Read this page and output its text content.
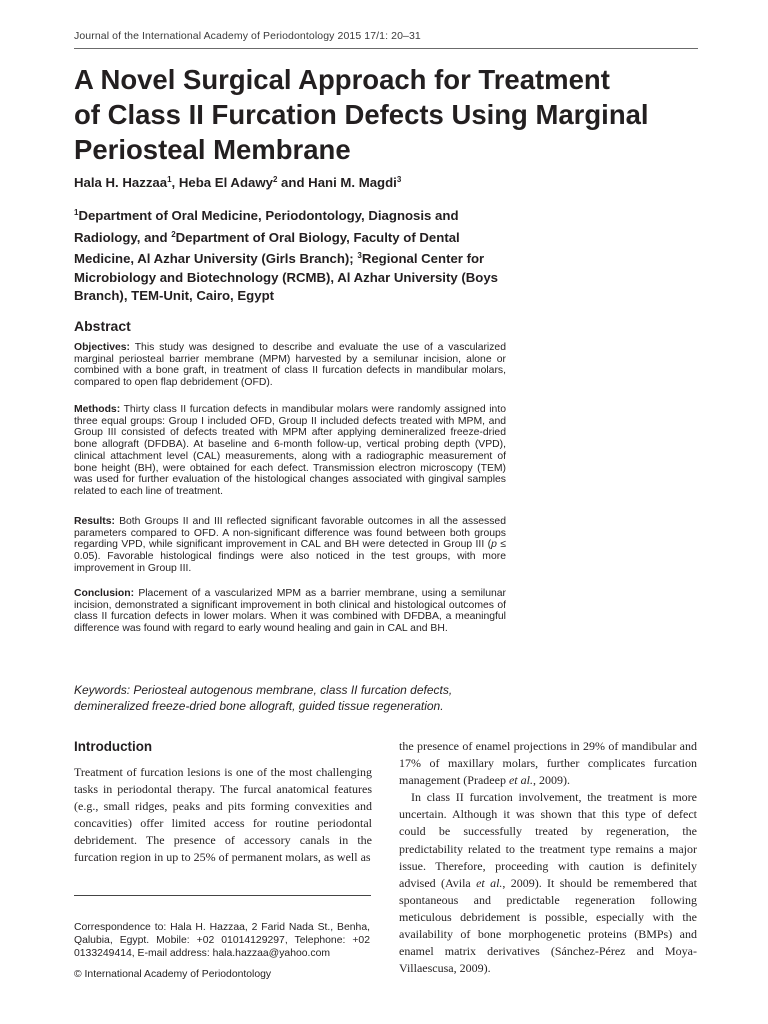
Journal of the International Academy of Periodontology 2015 17/1: 20–31
A Novel Surgical Approach for Treatment
of Class II Furcation Defects Using Marginal
Periosteal Membrane
Hala H. Hazzaa$^1$, Heba El Adawy$^2$ and Hani M. Magdi$^3$
$^1$Department of Oral Medicine, Periodontology, Diagnosis and Radiology, and $^2$Department of Oral Biology, Faculty of Dental Medicine, Al Azhar University (Girls Branch); $^3$Regional Center for Microbiology and Biotechnology (RCMB), Al Azhar University (Boys Branch), TEM-Unit, Cairo, Egypt
Abstract
Objectives: This study was designed to describe and evaluate the use of a vascularized marginal periosteal barrier membrane (MPM) harvested by a semilunar incision, alone or combined with a bone graft, in treatment of class II furcation defects in mandibular molars, compared to open flap debridement (OFD).
Methods: Thirty class II furcation defects in mandibular molars were randomly assigned into three equal groups: Group I included OFD, Group II included defects treated with MPM, and Group III consisted of defects treated with MPM after applying demineralized freeze-dried bone allograft (DFDBA). At baseline and 6-month follow-up, vertical probing depth (VPD), clinical attachment level (CAL) measurements, along with a radiographic measurement of bone height (BH), were obtained for each defect. Transmission electron microscopy (TEM) was used for further evaluation of the histological changes associated with gingival samples related to each line of treatment.
Results: Both Groups II and III reflected significant favorable outcomes in all the assessed parameters compared to OFD. A non-significant difference was found between both groups regarding VPD, while significant improvement in CAL and BH were detected in Group III (p ≤ 0.05). Favorable histological findings were also noticed in the test groups, with more improvement in Group III.
Conclusion: Placement of a vascularized MPM as a barrier membrane, using a semilunar incision, demonstrated a significant improvement in both clinical and histological outcomes of class II furcation defects in lower molars. When it was combined with DFDBA, a meaningful difference was found with regard to early wound healing and gain in CAL and BH.
Keywords: Periosteal autogenous membrane, class II furcation defects, demineralized freeze-dried bone allograft, guided tissue regeneration.
Introduction

Treatment of furcation lesions is one of the most challenging tasks in periodontal therapy. The furcal anatomical features (e.g., small ridges, peaks and pits forming convexities and concavities) offer limited access for routine periodontal debridement. The presence of accessory canals in the furcation region in up to 25% of permanent molars, as well as

the presence of enamel projections in 29% of mandibular and 17% of maxillary molars, further complicates furcation management (Pradeep et al., 2009).

In class II furcation involvement, the treatment is more uncertain. Although it was shown that this type of defect could be successfully treated by regeneration, the predictability related to the treatment type remains a major issue. Therefore, proceeding with caution is definitely advised (Avila et al., 2009). It should be remembered that spontaneous and predictable regeneration following meticulous debridement is possible, especially with the availability of bone morphogenetic proteins (BMPs) and enamel matrix derivatives (Sánchez-Pérez and Moya-Villaescusa, 2009).

Correspondence to: Hala H. Hazzaa, 2 Farid Nada St., Benha, Qalubia, Egypt. Mobile: +02 01014129297, Telephone: +02 0133249414, E-mail address: hala.hazzaa@yahoo.com
© International Academy of Periodontology
